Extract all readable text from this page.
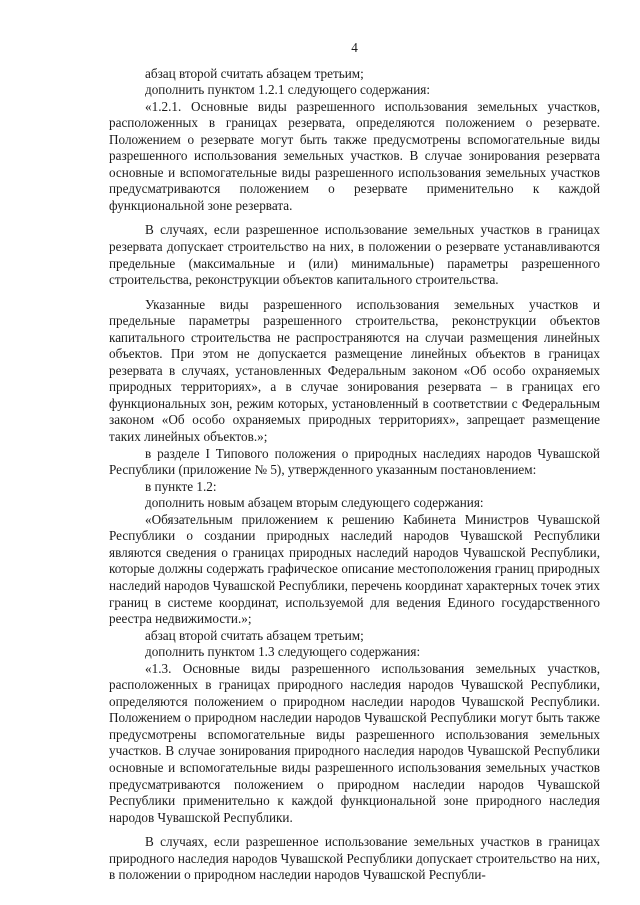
4

абзац второй считать абзацем третьим;

дополнить пунктом 1.2.1 следующего содержания:

«1.2.1. Основные виды разрешенного использования земельных участков, расположенных в границах резервата, определяются положением о резервате. Положением о резервате могут быть также предусмотрены вспомогательные виды разрешенного использования земельных участков. В случае зонирования резервата основные и вспомогательные виды разрешенного использования земельных участков предусматриваются положением о резервате применительно к каждой функциональной зоне резервата.

В случаях, если разрешенное использование земельных участков в границах резервата допускает строительство на них, в положении о резервате устанавливаются предельные (максимальные и (или) минимальные) параметры разрешенного строительства, реконструкции объектов капитального строительства.

Указанные виды разрешенного использования земельных участков и предельные параметры разрешенного строительства, реконструкции объектов капитального строительства не распространяются на случаи размещения линейных объектов. При этом не допускается размещение линейных объектов в границах резервата в случаях, установленных Федеральным законом «Об особо охраняемых природных территориях», а в случае зонирования резервата – в границах его функциональных зон, режим которых, установленный в соответствии с Федеральным законом «Об особо охраняемых природных территориях», запрещает размещение таких линейных объектов.»;

в разделе I Типового положения о природных наследиях народов Чувашской Республики (приложение № 5), утвержденного указанным постановлением:

в пункте 1.2:

дополнить новым абзацем вторым следующего содержания:

«Обязательным приложением к решению Кабинета Министров Чувашской Республики о создании природных наследий народов Чувашской Республики являются сведения о границах природных наследий народов Чувашской Республики, которые должны содержать графическое описание местоположения границ природных наследий народов Чувашской Республики, перечень координат характерных точек этих границ в системе координат, используемой для ведения Единого государственного реестра недвижимости.»;

абзац второй считать абзацем третьим;

дополнить пунктом 1.3 следующего содержания:

«1.3. Основные виды разрешенного использования земельных участков, расположенных в границах природного наследия народов Чувашской Республики, определяются положением о природном наследии народов Чувашской Республики. Положением о природном наследии народов Чувашской Республики могут быть также предусмотрены вспомогательные виды разрешенного использования земельных участков. В случае зонирования природного наследия народов Чувашской Республики основные и вспомогательные виды разрешенного использования земельных участков предусматриваются положением о природном наследии народов Чувашской Республики применительно к каждой функциональной зоне природного наследия народов Чувашской Республики.

В случаях, если разрешенное использование земельных участков в границах природного наследия народов Чувашской Республики допускает строительство на них, в положении о природном наследии народов Чувашской Республи-
